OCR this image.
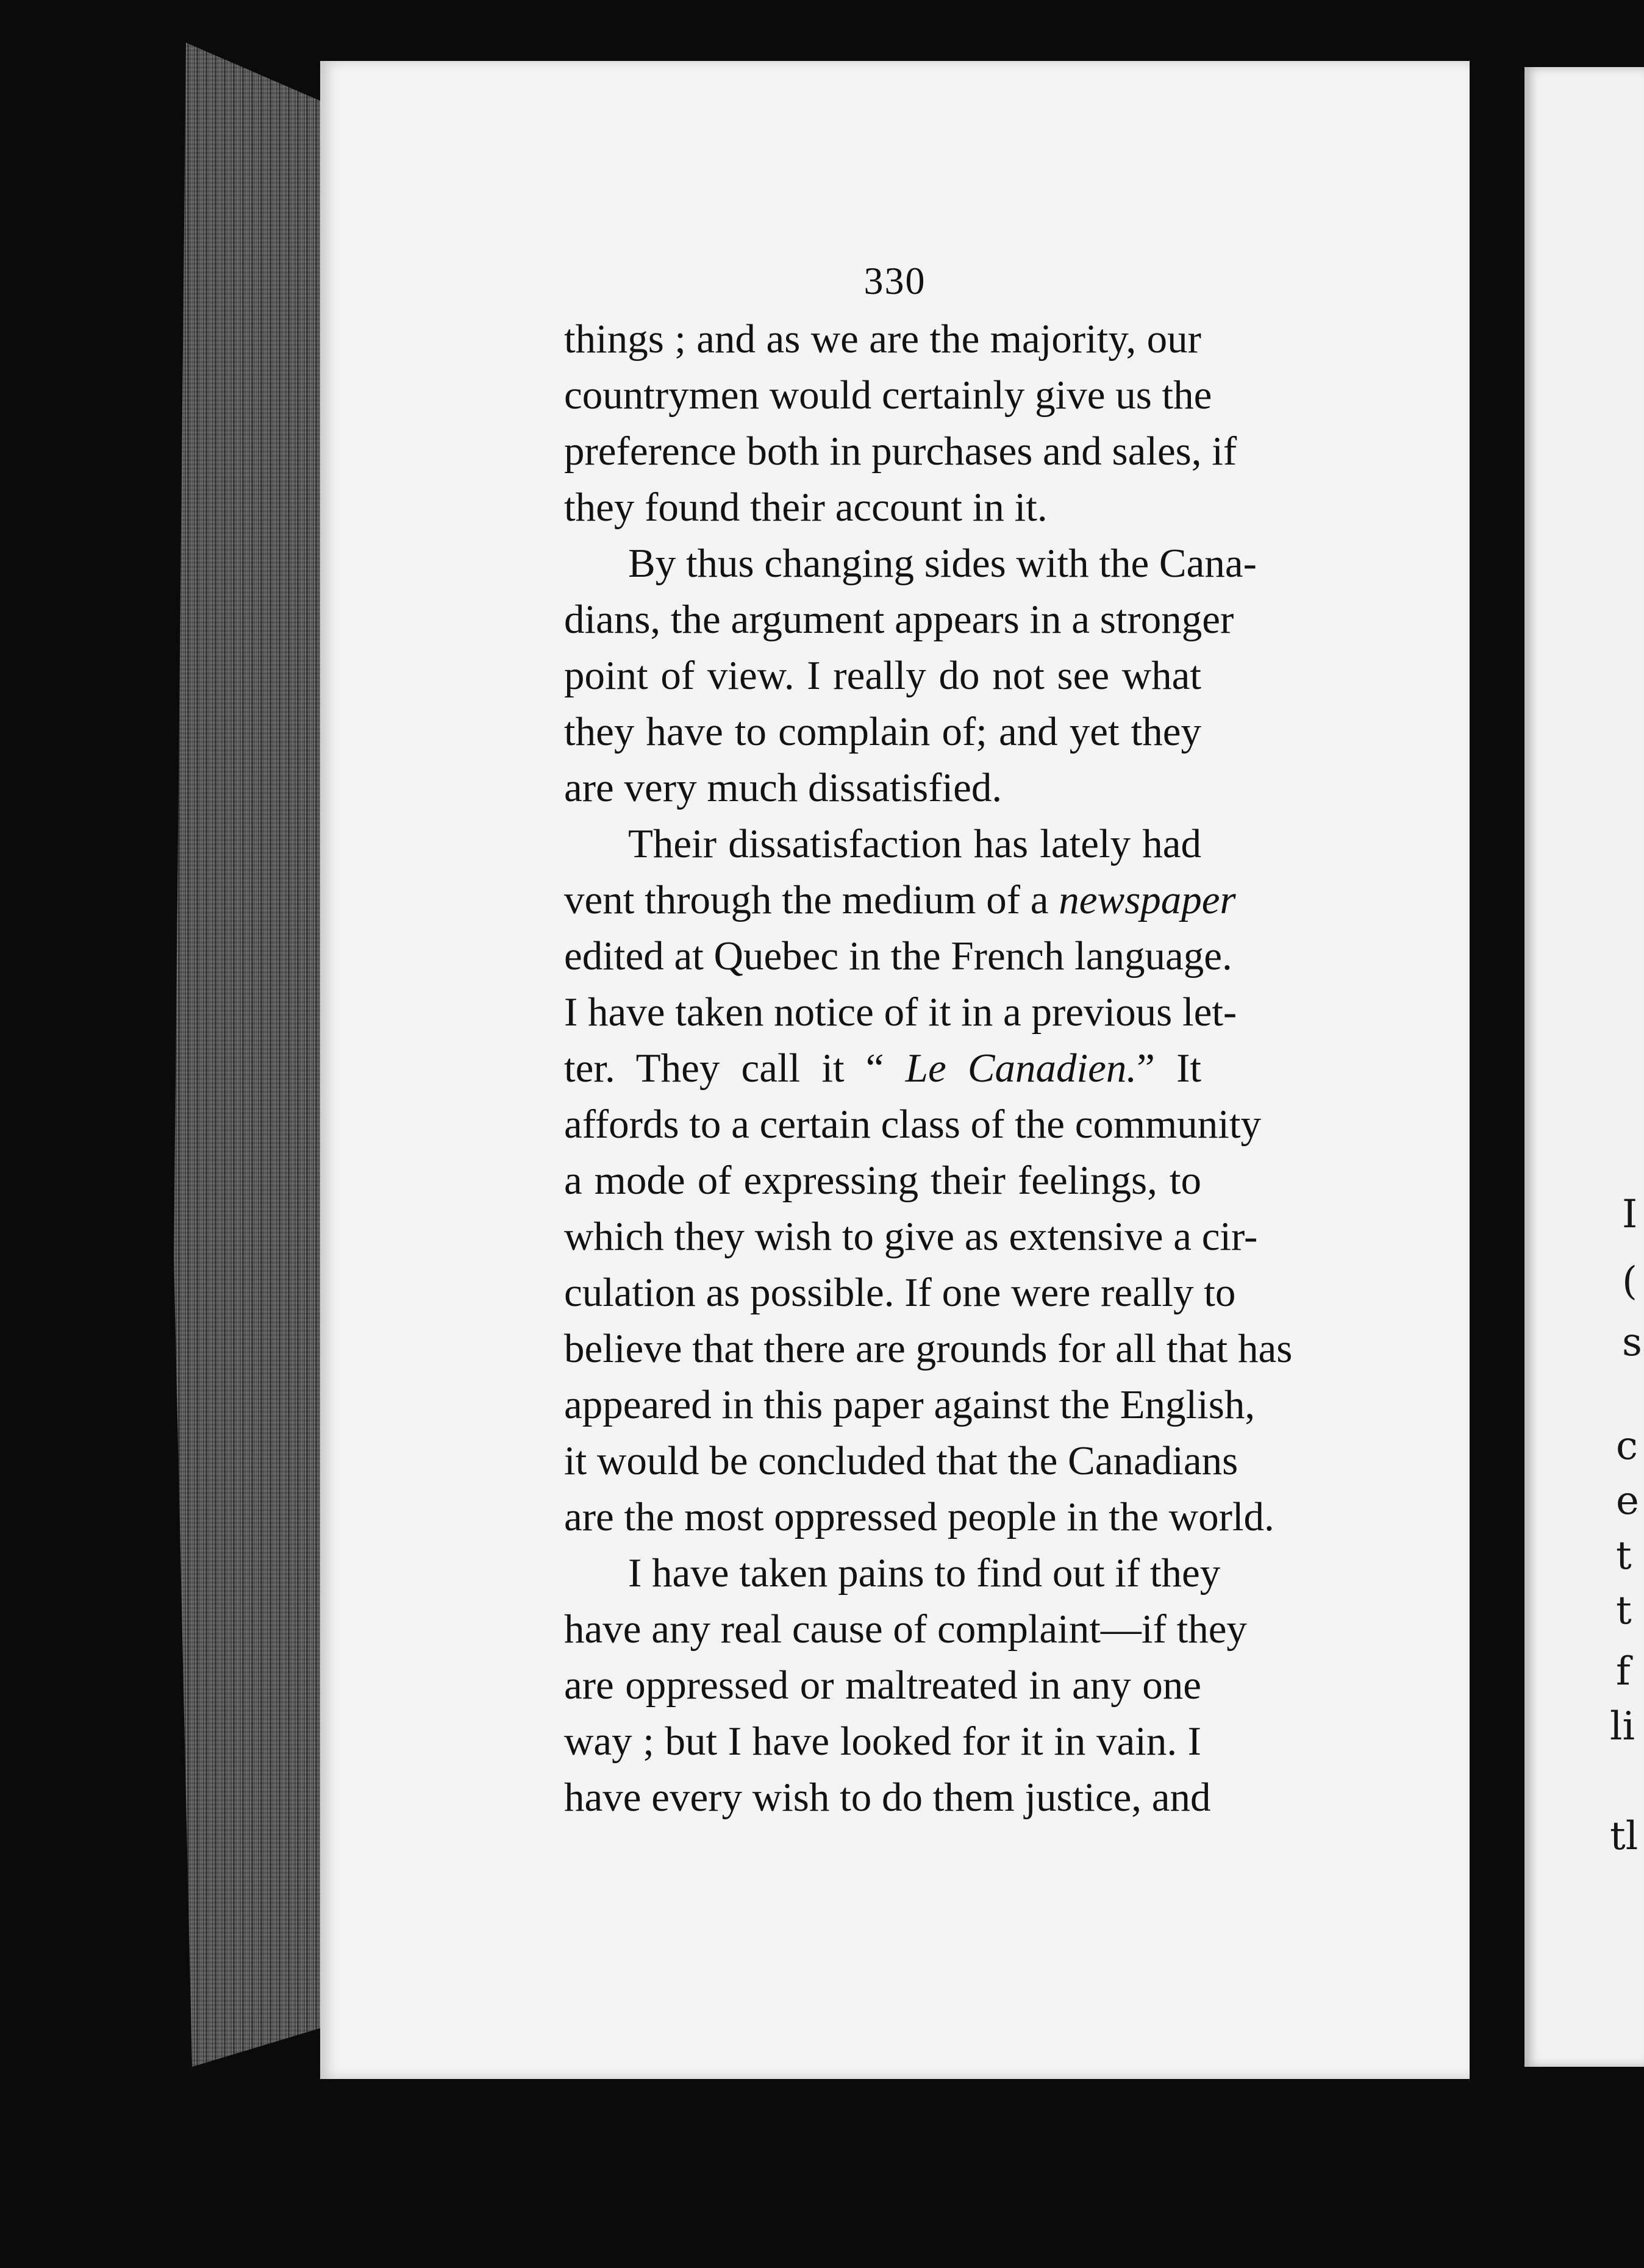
330
things ; and as we are the majority, our
countrymen would certainly give us the
preference both in purchases and sales, if
they found their account in it.
By thus changing sides with the Cana-
dians, the argument appears in a stronger
point of view. I really do not see what
they have to complain of; and yet they
are very much dissatisfied.
Their dissatisfaction has lately had
vent through the medium of a newspaper
edited at Quebec in the French language.
I have taken notice of it in a previous let-
ter. They call it “ Le Canadien.” It
affords to a certain class of the community
a mode of expressing their feelings, to
which they wish to give as extensive a cir-
culation as possible. If one were really to
believe that there are grounds for all that has
appeared in this paper against the English,
it would be concluded that the Canadians
are the most oppressed people in the world.
I have taken pains to find out if they
have any real cause of complaint—if they
are oppressed or maltreated in any one
way ; but I have looked for it in vain. I
have every wish to do them justice, and
I
(
s
c
e
t
t
f
li
tl
